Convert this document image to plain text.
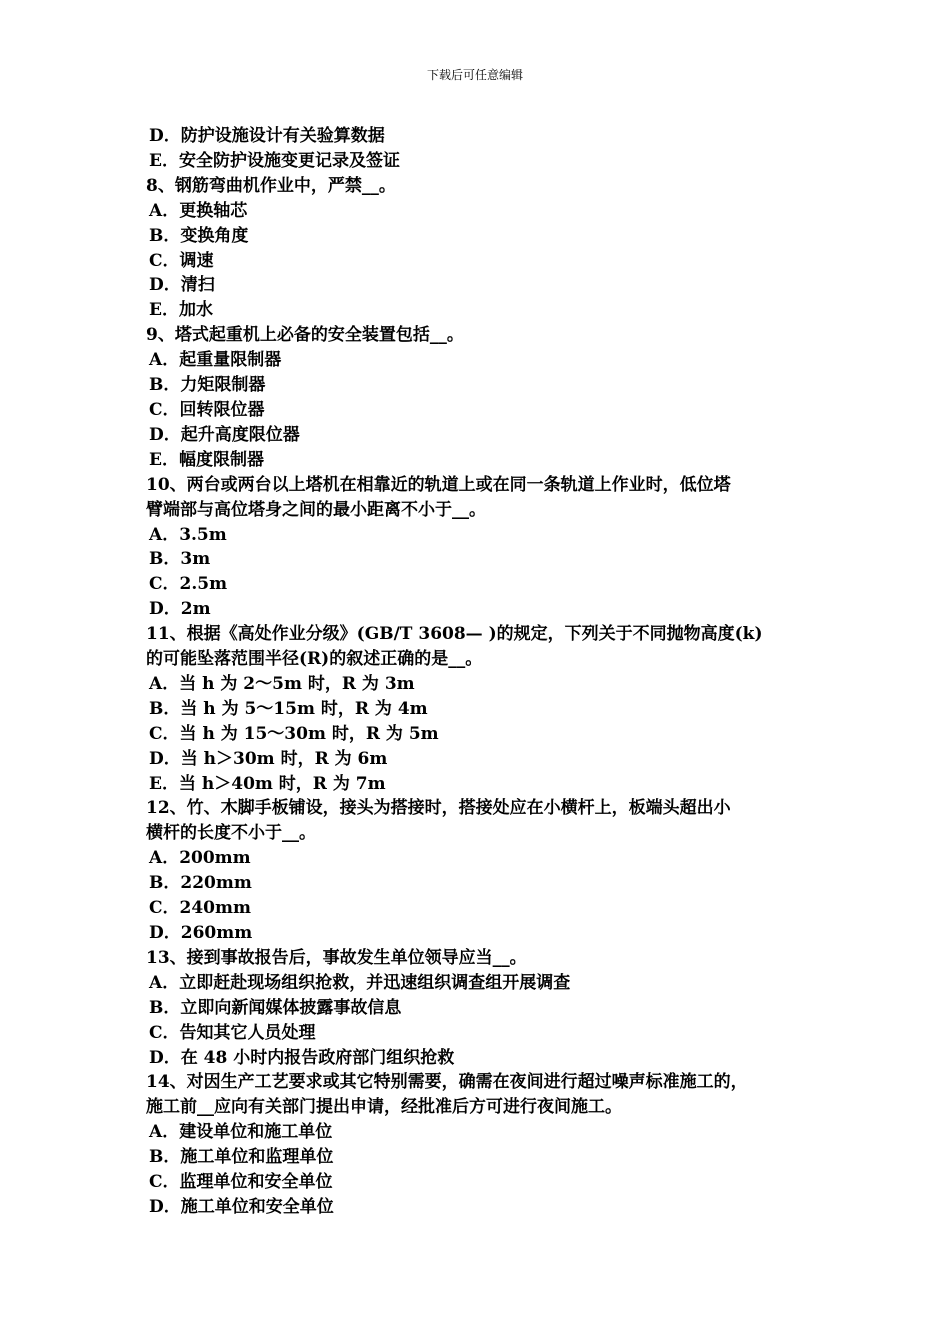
下载后可任意编辑
D．防护设施设计有关验算数据
E．安全防护设施变更记录及签证
8、钢筋弯曲机作业中，严禁__。
A．更换轴芯
B．变换角度
C．调速
D．清扫
E．加水
9、塔式起重机上必备的安全装置包括__。
A．起重量限制器
B．力矩限制器
C．回转限位器
D．起升高度限位器
E．幅度限制器
10、两台或两台以上塔机在相靠近的轨道上或在同一条轨道上作业时，低位塔
臂端部与高位塔身之间的最小距离不小于__。
A．3.5m
B．3m
C．2.5m
D．2m
11、根据《高处作业分级》(GB/T 3608— )的规定，下列关于不同抛物高度(k)
的可能坠落范围半径(R)的叙述正确的是__。
A．当 h 为 2～5m 时，R 为 3m
B．当 h 为 5～15m 时，R 为 4m
C．当 h 为 15～30m 时，R 为 5m
D．当 h＞30m 时，R 为 6m
E．当 h＞40m 时，R 为 7m
12、竹、木脚手板铺设，接头为搭接时，搭接处应在小横杆上，板端头超出小
横杆的长度不小于__。
A．200mm
B．220mm
C．240mm
D．260mm
13、接到事故报告后，事故发生单位领导应当__。
A．立即赶赴现场组织抢救，并迅速组织调查组开展调查
B．立即向新闻媒体披露事故信息
C．告知其它人员处理
D．在 48 小时内报告政府部门组织抢救
14、对因生产工艺要求或其它特别需要，确需在夜间进行超过噪声标准施工的，
施工前__应向有关部门提出申请，经批准后方可进行夜间施工。
A．建设单位和施工单位
B．施工单位和监理单位
C．监理单位和安全单位
D．施工单位和安全单位
